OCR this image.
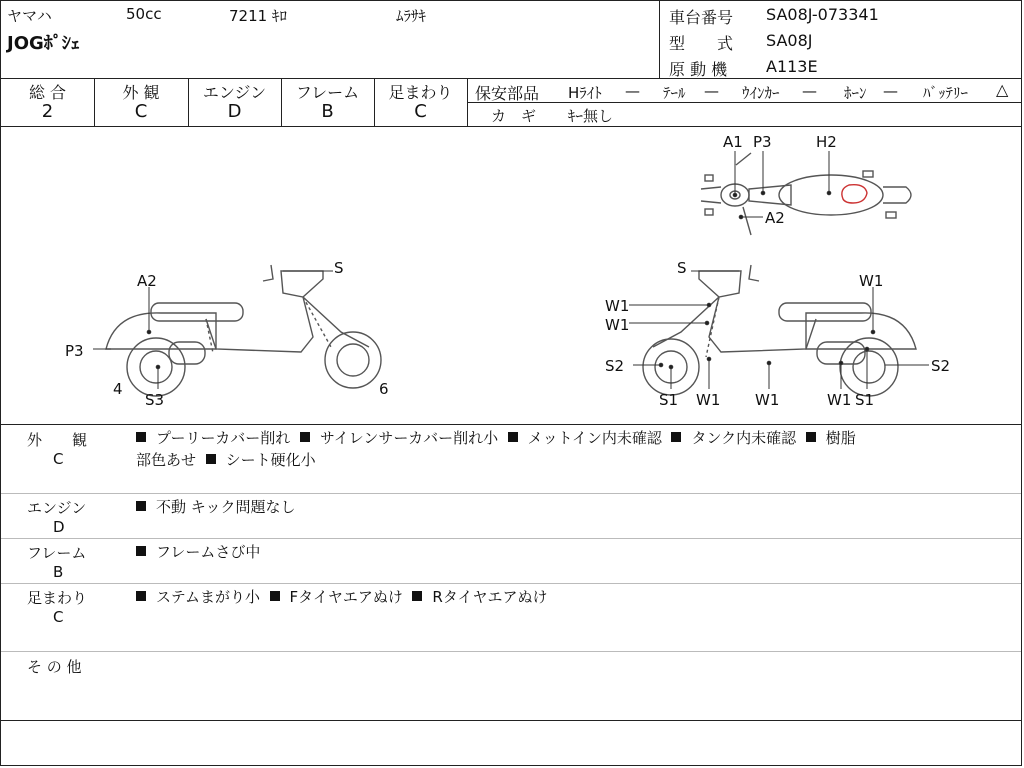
ヤマハ	50cc	7211 ｷﾛ	ﾑﾗｻｷ
JOGﾎﾟｼｪ
車台番号 SA08J-073341
型　　式 SA08J
原 動 機 A113E
総 合
2
外 観
C
エンジン
D
フレーム
B
足まわり
C
保安部品 Hﾗｲﾄ — ﾃｰﾙ — ｳｲﾝｶｰ — ﾎｰﾝ — ﾊﾞｯﾃﾘｰ △
カ　ギ ｷｰ無し
A1 P3	H2
A2
S
A2
P3
4
S3
6
S
W1
W1
W1
S2	S2
S1 W1 W1	W1 S1
外　　観
C
プーリーカバー削れ サイレンサーカバー削れ小 メットイン内未確認 タンク内未確認 樹脂
部色あせ シート硬化小
エンジン
D
不動 キック問題なし
フレーム
B
フレームさび中
足まわり
C
ステムまがり小 Fタイヤエアぬけ Rタイヤエアぬけ
そ の 他
